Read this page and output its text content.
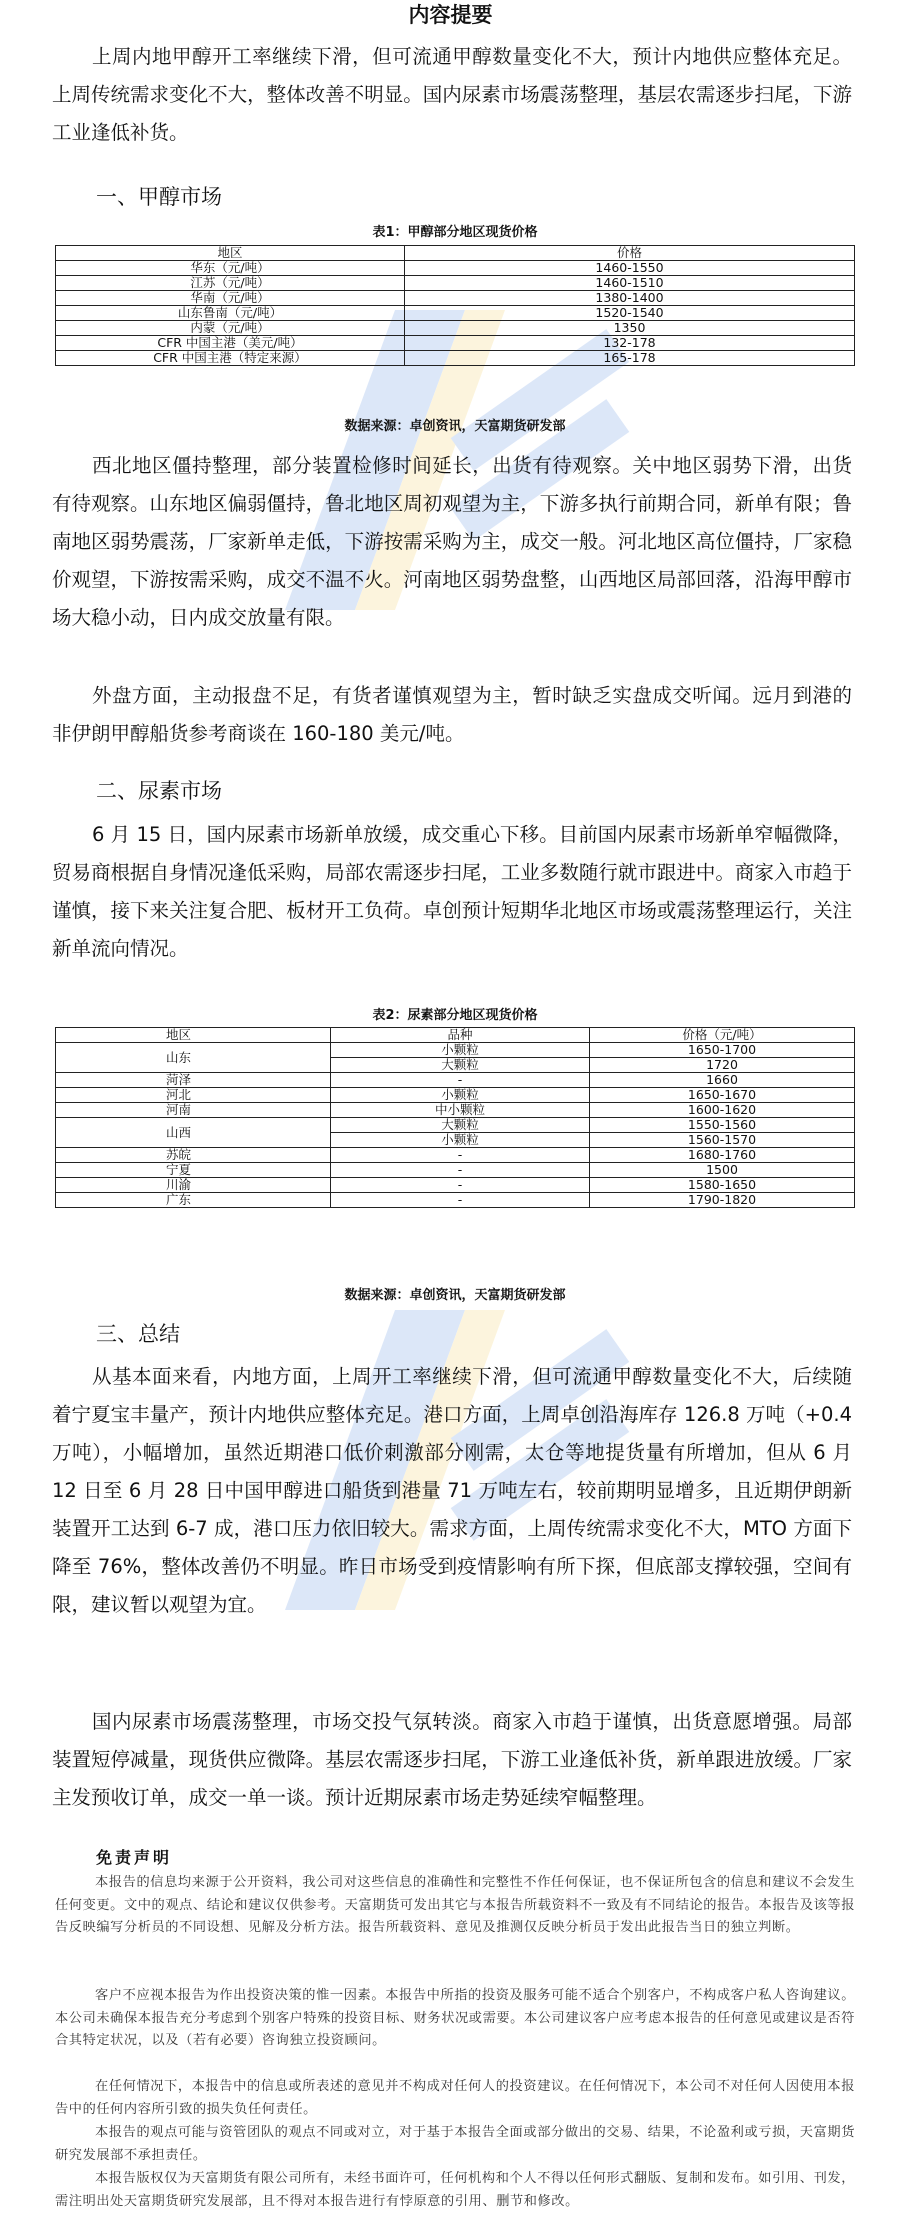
内容提要

上周内地甲醇开工率继续下滑，但可流通甲醇数量变化不大，预计内地供应整体充足。上周传统需求变化不大，整体改善不明显。国内尿素市场震荡整理，基层农需逐步扫尾，下游工业逢低补货。

一、甲醇市场
表1：甲醇部分地区现货价格
地区	价格
华东（元/吨）	1460-1550
江苏（元/吨）	1460-1510
华南（元/吨）	1380-1400
山东鲁南（元/吨）	1520-1540
内蒙（元/吨）	1350
CFR 中国主港（美元/吨）	132-178
CFR 中国主港（特定来源）	165-178
数据来源：卓创资讯，天富期货研发部

西北地区僵持整理，部分装置检修时间延长，出货有待观察。关中地区弱势下滑，出货有待观察。山东地区偏弱僵持，鲁北地区周初观望为主，下游多执行前期合同，新单有限；鲁南地区弱势震荡，厂家新单走低，下游按需采购为主，成交一般。河北地区高位僵持，厂家稳价观望，下游按需采购，成交不温不火。河南地区弱势盘整，山西地区局部回落，沿海甲醇市场大稳小动，日内成交放量有限。

外盘方面，主动报盘不足，有货者谨慎观望为主，暂时缺乏实盘成交听闻。远月到港的非伊朗甲醇船货参考商谈在 160-180 美元/吨。

二、尿素市场

6 月 15 日，国内尿素市场新单放缓，成交重心下移。目前国内尿素市场新单窄幅微降，贸易商根据自身情况逢低采购，局部农需逐步扫尾，工业多数随行就市跟进中。商家入市趋于谨慎，接下来关注复合肥、板材开工负荷。卓创预计短期华北地区市场或震荡整理运行，关注新单流向情况。

表2：尿素部分地区现货价格
地区	品种	价格（元/吨）
山东	小颗粒	1650-1700
	大颗粒	1720
菏泽	-	1660
河北	小颗粒	1650-1670
河南	中小颗粒	1600-1620
山西	大颗粒	1550-1560
	小颗粒	1560-1570
苏皖	-	1680-1760
宁夏	-	1500
川渝	-	1580-1650
广东	-	1790-1820
数据来源：卓创资讯，天富期货研发部
三、总结

从基本面来看，内地方面，上周开工率继续下滑，但可流通甲醇数量变化不大，后续随着宁夏宝丰量产，预计内地供应整体充足。港口方面，上周卓创沿海库存 126.8 万吨（+0.4 万吨），小幅增加，虽然近期港口低价刺激部分刚需，太仓等地提货量有所增加，但从 6 月 12 日至 6 月 28 日中国甲醇进口船货到港量 71 万吨左右，较前期明显增多，且近期伊朗新装置开工达到 6-7 成，港口压力依旧较大。需求方面，上周传统需求变化不大，MTO 方面下降至 76%，整体改善仍不明显。昨日市场受到疫情影响有所下探，但底部支撑较强，空间有限，建议暂以观望为宜。

国内尿素市场震荡整理，市场交投气氛转淡。商家入市趋于谨慎，出货意愿增强。局部装置短停减量，现货供应微降。基层农需逐步扫尾，下游工业逢低补货，新单跟进放缓。厂家主发预收订单，成交一单一谈。预计近期尿素市场走势延续窄幅整理。

免责声明

本报告的信息均来源于公开资料，我公司对这些信息的准确性和完整性不作任何保证，也不保证所包含的信息和建议不会发生任何变更。文中的观点、结论和建议仅供参考。天富期货可发出其它与本报告所载资料不一致及有不同结论的报告。本报告及该等报告反映编写分析员的不同设想、见解及分析方法。报告所载资料、意见及推测仅反映分析员于发出此报告当日的独立判断。

客户不应视本报告为作出投资决策的惟一因素。本报告中所指的投资及服务可能不适合个别客户，不构成客户私人咨询建议。本公司未确保本报告充分考虑到个别客户特殊的投资目标、财务状况或需要。本公司建议客户应考虑本报告的任何意见或建议是否符合其特定状况，以及（若有必要）咨询独立投资顾问。

在任何情况下，本报告中的信息或所表述的意见并不构成对任何人的投资建议。在任何情况下，本公司不对任何人因使用本报告中的任何内容所引致的损失负任何责任。

本报告的观点可能与资管团队的观点不同或对立，对于基于本报告全面或部分做出的交易、结果，不论盈利或亏损，天富期货研究发展部不承担责任。

本报告版权仅为天富期货有限公司所有，未经书面许可，任何机构和个人不得以任何形式翻版、复制和发布。如引用、刊发，需注明出处天富期货研究发展部，且不得对本报告进行有悖原意的引用、删节和修改。
